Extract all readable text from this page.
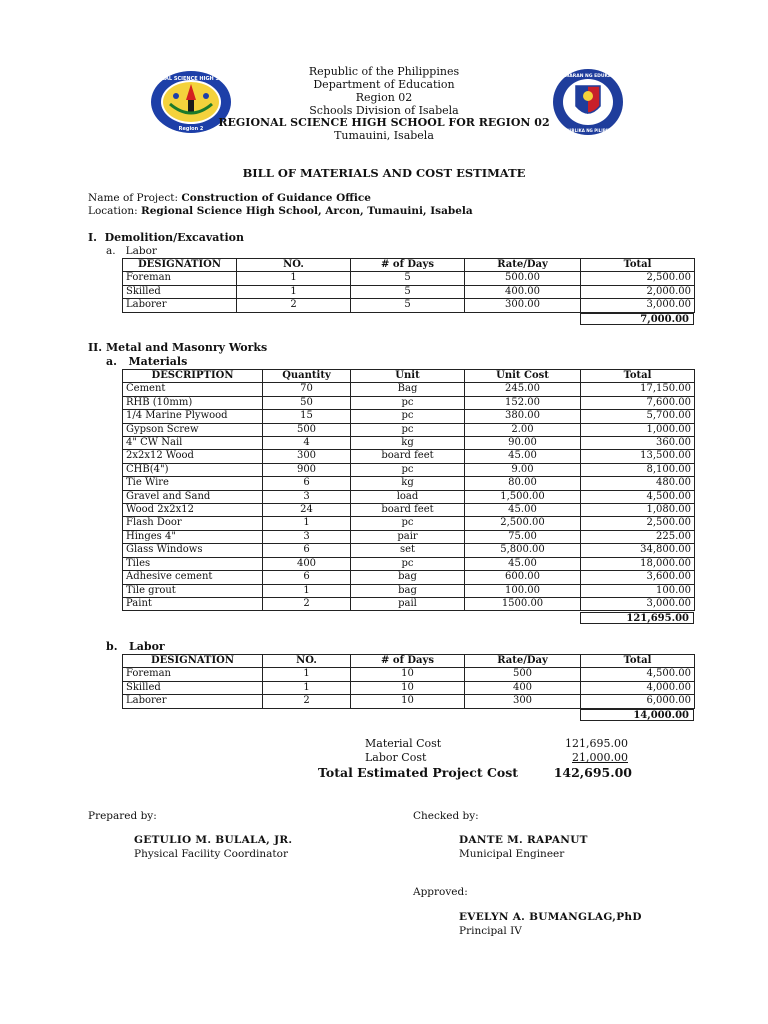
REGIONAL SCIENCE HIGH SCHOOL
Region 2
KAGAWARAN NG EDUKASYON
REPUBLIKA NG PILIPINAS
Republic of the Philippines
Department of Education
Region 02
Schools Division of Isabela
REGIONAL SCIENCE HIGH SCHOOL FOR REGION 02
Tumauini, Isabela
BILL OF MATERIALS AND COST ESTIMATE
Name of Project: Construction of Guidance Office
Location: Regional Science High School, Arcon, Tumauini, Isabela
I.  Demolition/Excavation
a.   Labor
DESIGNATION	NO.	# of Days	Rate/Day	Total
Foreman	1	5	500.00	2,500.00
Skilled	1	5	400.00	2,000.00
Laborer	2	5	300.00	3,000.00
7,000.00
II. Metal and Masonry Works
a.   Materials
DESCRIPTION	Quantity	Unit	Unit Cost	Total
Cement	70	Bag	245.00	17,150.00
RHB (10mm)	50	pc	152.00	7,600.00
1/4 Marine Plywood	15	pc	380.00	5,700.00
Gypson Screw	500	pc	2.00	1,000.00
4" CW Nail	4	kg	90.00	360.00
2x2x12 Wood	300	board feet	45.00	13,500.00
CHB(4")	900	pc	9.00	8,100.00
Tie Wire	6	kg	80.00	480.00
Gravel and Sand	3	load	1,500.00	4,500.00
Wood 2x2x12	24	board feet	45.00	1,080.00
Flash Door	1	pc	2,500.00	2,500.00
Hinges 4"	3	pair	75.00	225.00
Glass Windows	6	set	5,800.00	34,800.00
Tiles	400	pc	45.00	18,000.00
Adhesive cement	6	bag	600.00	3,600.00
Tile grout	1	bag	100.00	100.00
Paint	2	pail	1500.00	3,000.00
121,695.00
b.   Labor
DESIGNATION	NO.	# of Days	Rate/Day	Total
Foreman	1	10	500	4,500.00
Skilled	1	10	400	4,000.00
Laborer	2	10	300	6,000.00
14,000.00
Material Cost	121,695.00
Labor Cost	21,000.00
Total Estimated Project Cost	142,695.00
Prepared by:
GETULIO M. BULALA, JR.
Physical Facility Coordinator
Checked by:
DANTE M. RAPANUT
Municipal Engineer
Approved:
EVELYN A. BUMANGLAG,PhD
Principal IV
